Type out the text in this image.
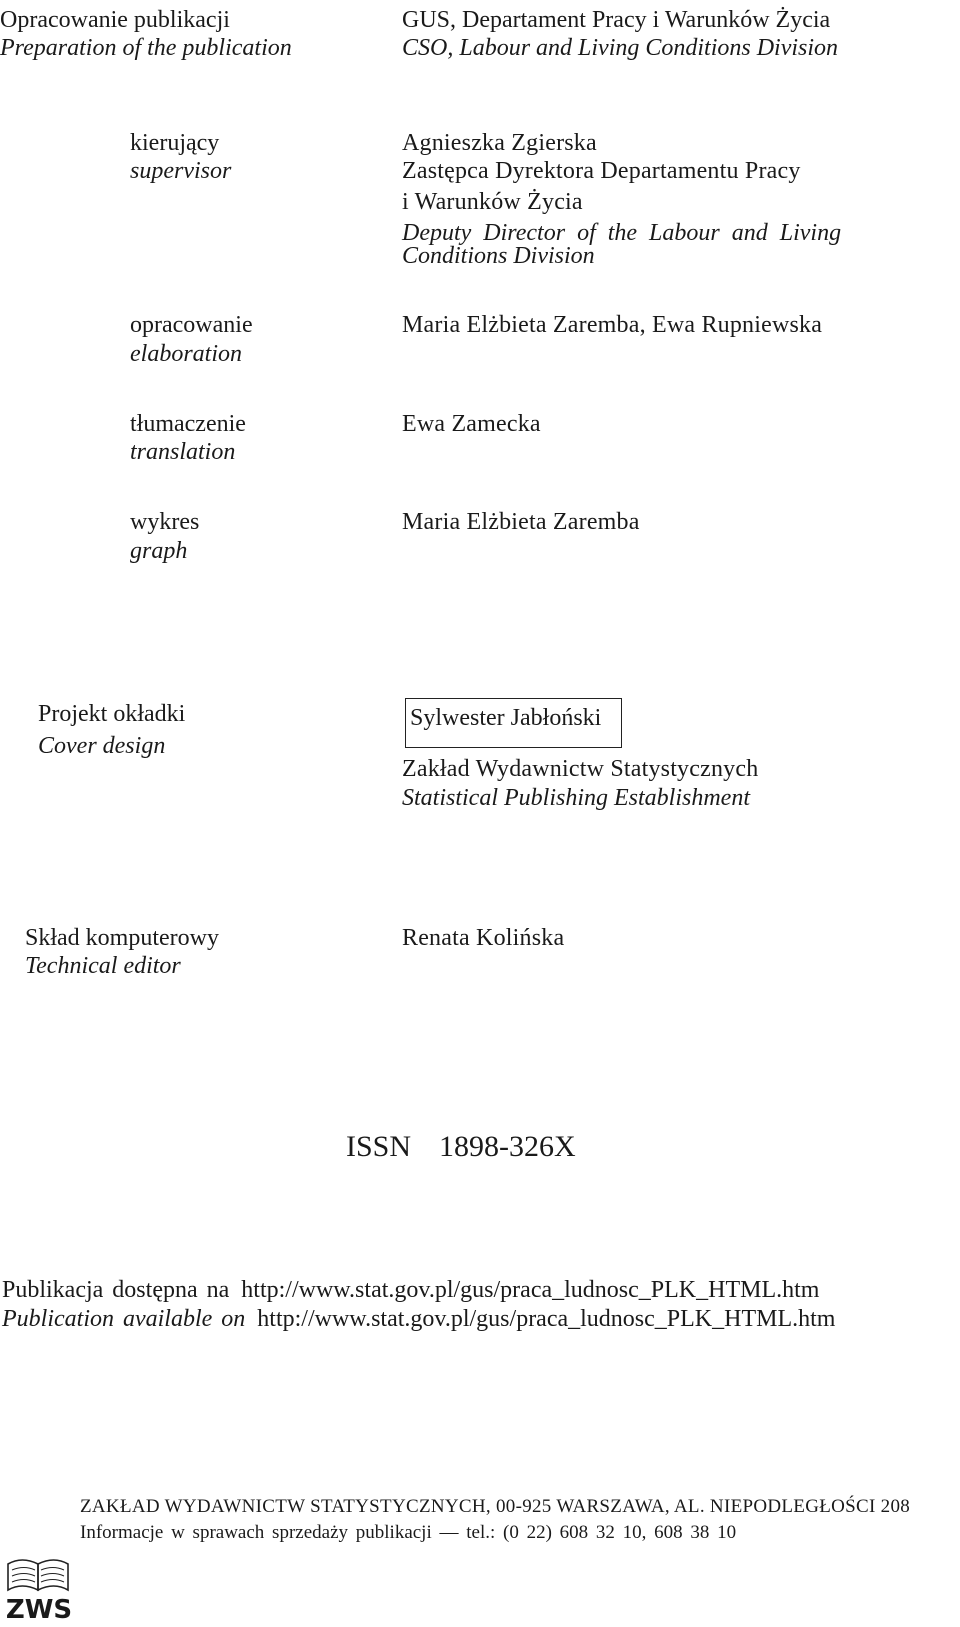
Opracowanie publikacji

Preparation of the publication

GUS, Departament Pracy i Warunków Życia

CSO, Labour and Living Conditions Division

kierujący

supervisor

Agnieszka Zgierska

Zastępca Dyrektora Departamentu Pracy

i Warunków Życia

Deputy Director of the Labour and Living

Conditions Division

opracowanie

elaboration

Maria Elżbieta Zaremba, Ewa Rupniewska

tłumaczenie

translation

Ewa Zamecka

wykres

graph

Maria Elżbieta Zaremba

Projekt okładki

Cover design

Sylwester Jabłoński

Zakład Wydawnictw Statystycznych

Statistical Publishing Establishment

Skład komputerowy

Technical editor

Renata Kolińska

ISSN 1898-326X

Publikacja dostępna na http://www.stat.gov.pl/gus/praca_ludnosc_PLK_HTML.htm

Publication available on http://www.stat.gov.pl/gus/praca_ludnosc_PLK_HTML.htm

ZWS

ZAKŁAD WYDAWNICTW STATYSTYCZNYCH, 00-925 WARSZAWA, AL. NIEPODLEGŁOŚCI 208

Informacje w sprawach sprzedaży publikacji — tel.: (0 22) 608 32 10, 608 38 10
